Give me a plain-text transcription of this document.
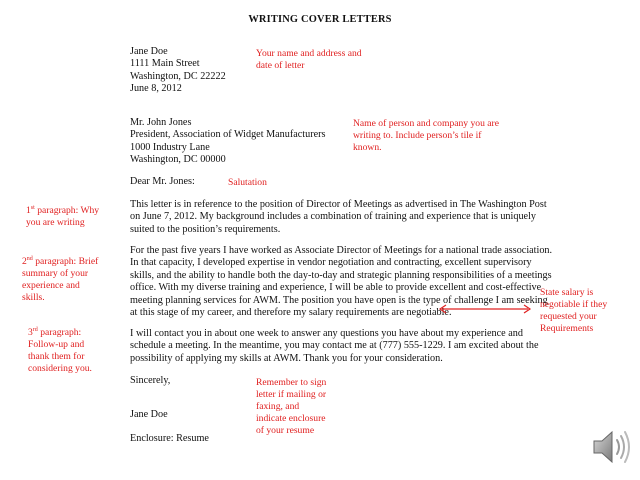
WRITING COVER LETTERS
Jane Doe
1111 Main Street
Washington, DC 22222
June 8, 2012
Your name and address and
date of letter
Mr. John Jones
President, Association of Widget Manufacturers
1000 Industry Lane
Washington, DC 00000
Name of person and company you are
writing to. Include person’s tile if
known.
Dear Mr. Jones:	Salutation
This letter is in reference to the position of Director of Meetings as advertised in The Washington Post
on June 7, 2012. My background includes a combination of training and experience that is uniquely
suited to the position’s requirements.
1st paragraph: Why
you are writing
For the past five years I have worked as Associate Director of Meetings for a national trade association.
In that capacity, I developed expertise in vendor negotiation and contracting, excellent supervisory
skills, and the ability to handle both the day-to-day and strategic planning responsibilities of a meetings
office. With my diverse training and experience, I will be able to provide excellent and cost-effective
meeting planning services for AWM. The position you have open is the type of challenge I am seeking
at this stage of my career, and therefore my salary requirements are negotiable.
2nd paragraph: Brief
summary of your
experience and
skills.	State salary is
negotiable if they
requested your
Requirements
I will contact you in about one week to answer any questions you have about my experience and
schedule a meeting. In the meantime, you may contact me at (777) 555-1229. I am excited about the
possibility of applying my skills at AWM. Thank you for your consideration.
3rd paragraph:
Follow-up and
thank them for
considering you.
Sincerely,
Jane Doe
Enclosure: Resume
Remember to sign
letter if mailing or
faxing, and
indicate enclosure
of your resume
